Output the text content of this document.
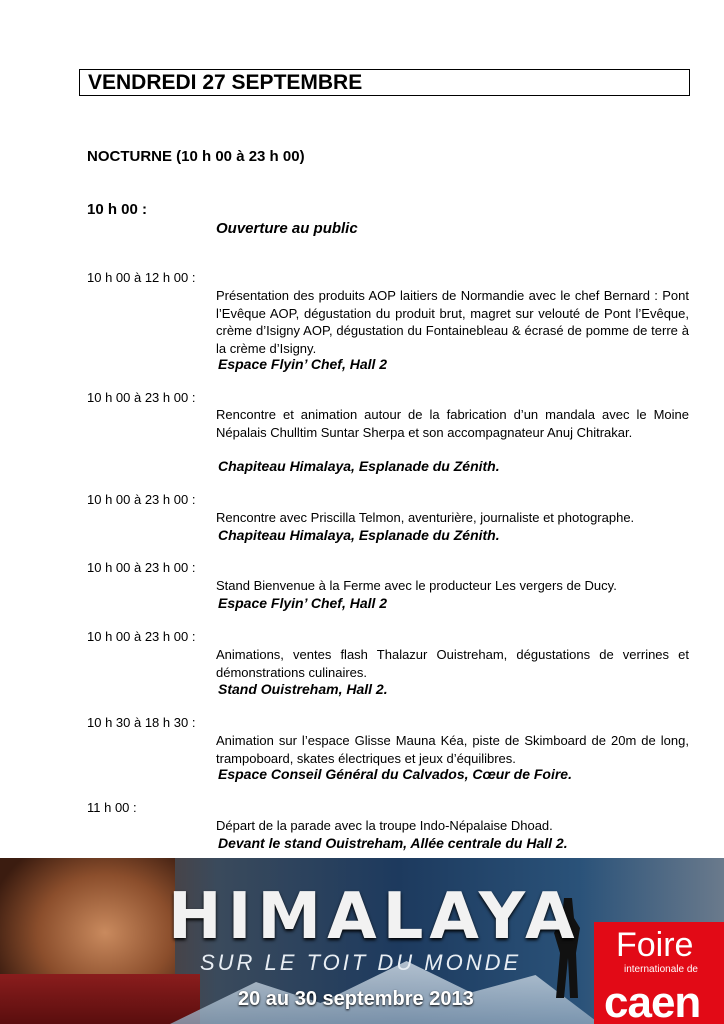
VENDREDI 27 SEPTEMBRE
NOCTURNE (10 h 00 à 23 h 00)
10 h 00 :
Ouverture au public
10 h 00 à 12 h 00 :
Présentation des produits AOP laitiers de Normandie avec le chef Bernard : Pont l’Evêque AOP, dégustation du produit brut, magret sur velouté de Pont l’Evêque, crème d’Isigny AOP, dégustation du Fontainebleau & écrasé de pomme de terre à la crème d’Isigny.
Espace Flyin’ Chef, Hall 2
10 h 00 à 23 h 00 :
Rencontre et animation autour de la fabrication d’un mandala avec le Moine Népalais Chulltim Suntar Sherpa et son accompagnateur Anuj Chitrakar.
Chapiteau Himalaya, Esplanade du Zénith.
10 h 00 à 23 h 00 :
Rencontre avec Priscilla Telmon, aventurière, journaliste et photographe.
Chapiteau Himalaya, Esplanade du Zénith.
10 h 00 à 23 h 00 :
Stand Bienvenue à la Ferme avec le producteur Les vergers de Ducy.
Espace Flyin’ Chef, Hall 2
10 h 00 à 23 h 00 :
Animations, ventes flash Thalazur Ouistreham, dégustations de verrines et démonstrations culinaires.
Stand Ouistreham, Hall 2.
10 h 30 à 18 h 30 :
Animation sur l’espace Glisse Mauna Kéa, piste de Skimboard de 20m de long, trampoboard, skates électriques et jeux d’équilibres.
Espace Conseil Général du Calvados, Cœur de Foire.
11 h 00 :
Départ de la parade avec la troupe Indo-Népalaise Dhoad.
Devant le stand Ouistreham, Allée centrale du Hall 2.
HIMALAYA
SUR LE TOIT DU MONDE
20 au 30 septembre 2013
Foire
internationale de
caen
